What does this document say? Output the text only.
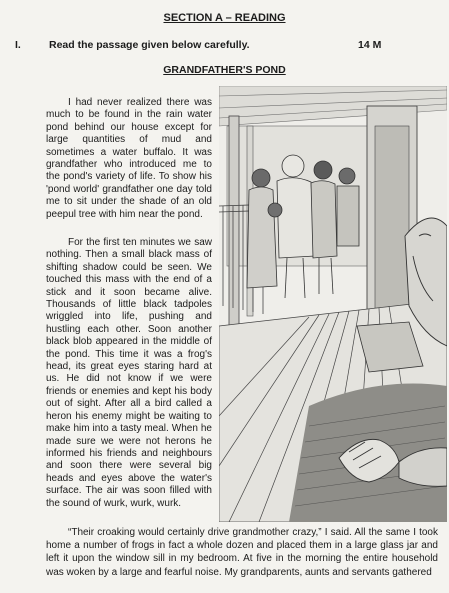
SECTION A – READING
I.	Read the passage given below carefully.	14 M
GRANDFATHER'S POND

I had never realized there was much to be found in the rain water pond behind our house except for large quantities of mud and sometimes a water buffalo. It was grandfather who introduced me to the pond's variety of life. To show his 'pond world' grandfather one day told me to sit under the shade of an old peepul tree with him near the pond.

For the first ten minutes we saw nothing. Then a small black mass of shifting shadow could be seen. We touched this mass with the end of a stick and it soon became alive. Thousands of little black tadpoles wriggled into life, pushing and hustling each other. Soon another black blob appeared in the middle of the pond. This time it was a frog's head, its great eyes staring hard at us. He did not know if we were friends or enemies and kept his body out of sight. After all a bird called a heron his enemy might be waiting to make him into a tasty meal. When he made sure we were not herons he informed his friends and neighbours and soon there were several big heads and eyes above the water's surface. The air was soon filled with the sound of wurk, wurk, wurk.

“Their croaking would certainly drive grandmother crazy,” I said. All the same I took home a number of frogs in fact a whole dozen and placed them in a large glass jar and left it upon the window sill in my bedroom. At five in the morning the entire household was woken by a large and fearful noise. My grandparents, aunts and servants gathered
